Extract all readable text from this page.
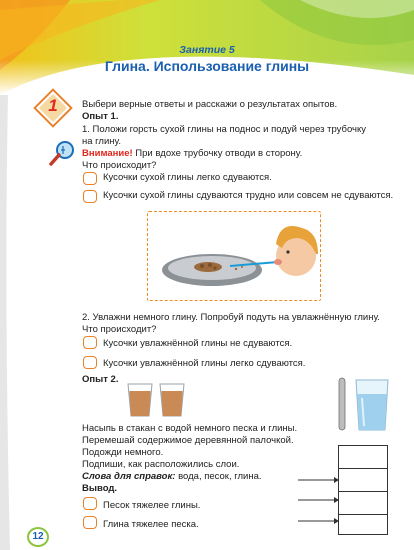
Занятие 5
Глина. Использование глины
1	Выбери верные ответы и расскажи о результатах опытов.
Опыт 1.
1. Положи горсть сухой глины на поднос и подуй через трубочку
на глину.
Внимание! При вдохе трубочку отводи в сторону.
Что происходит?
Кусочки сухой глины легко сдуваются.
Кусочки сухой глины сдуваются трудно или совсем не сдуваются.
2. Увлажни немного глину. Попробуй подуть на увлажнённую глину.
Что происходит?
Кусочки увлажнённой глины не сдуваются.
Кусочки увлажнённой глины легко сдуваются.
Опыт 2.
Насыпь в стакан с водой немного песка и глины.
Перемешай содержимое деревянной палочкой.
Подожди немного.
Подпиши, как расположились слои.
Слова для справок: вода, песок, глина.
Вывод.
Песок тяжелее глины.
Глина тяжелее песка.
12
